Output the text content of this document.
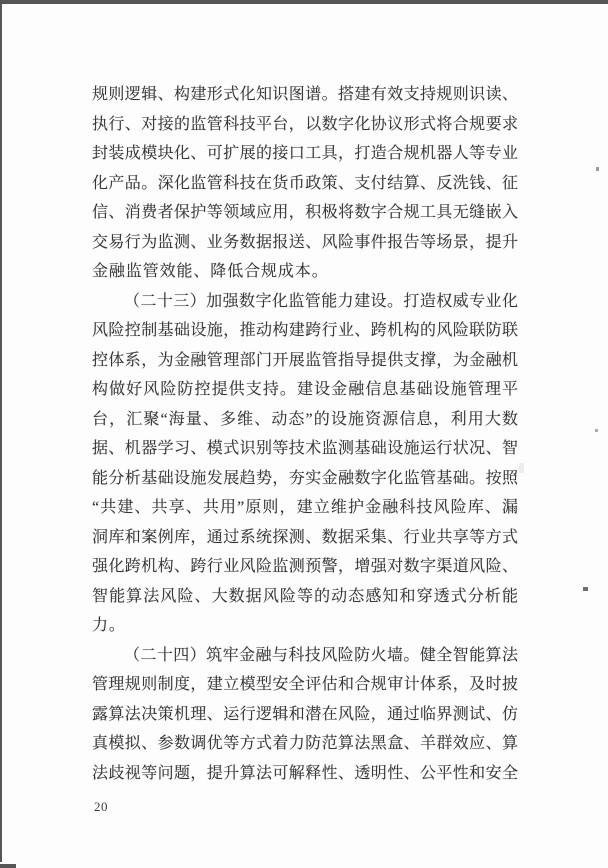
规则逻辑、构建形式化知识图谱。搭建有效支持规则识读、
执行、对接的监管科技平台，以数字化协议形式将合规要求
封装成模块化、可扩展的接口工具，打造合规机器人等专业
化产品。深化监管科技在货币政策、支付结算、反洗钱、征
信、消费者保护等领域应用，积极将数字合规工具无缝嵌入
交易行为监测、业务数据报送、风险事件报告等场景，提升
金融监管效能、降低合规成本。
（二十三）加强数字化监管能力建设。打造权威专业化
风险控制基础设施，推动构建跨行业、跨机构的风险联防联
控体系，为金融管理部门开展监管指导提供支撑，为金融机
构做好风险防控提供支持。建设金融信息基础设施管理平
台，汇聚“海量、多维、动态”的设施资源信息，利用大数
据、机器学习、模式识别等技术监测基础设施运行状况、智
能分析基础设施发展趋势，夯实金融数字化监管基础。按照
“共建、共享、共用”原则，建立维护金融科技风险库、漏
洞库和案例库，通过系统探测、数据采集、行业共享等方式
强化跨机构、跨行业风险监测预警，增强对数字渠道风险、
智能算法风险、大数据风险等的动态感知和穿透式分析能
力。
（二十四）筑牢金融与科技风险防火墙。健全智能算法
管理规则制度，建立模型安全评估和合规审计体系，及时披
露算法决策机理、运行逻辑和潜在风险，通过临界测试、仿
真模拟、参数调优等方式着力防范算法黑盒、羊群效应、算
法歧视等问题，提升算法可解释性、透明性、公平性和安全
20
